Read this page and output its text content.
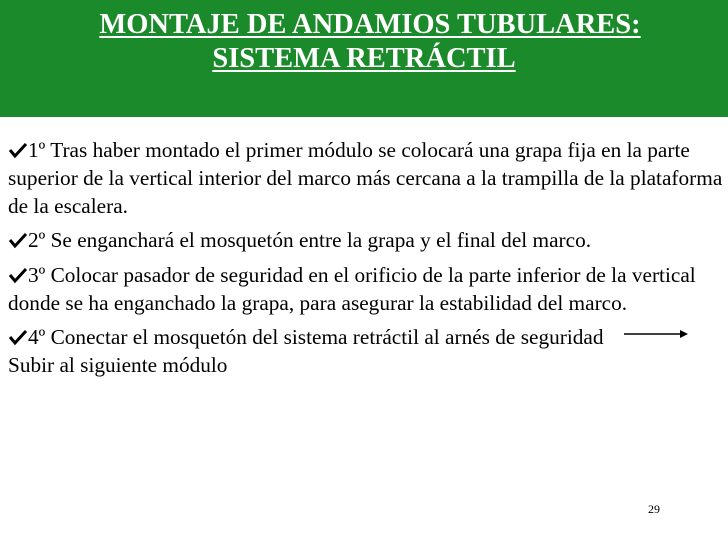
MONTAJE DE ANDAMIOS TUBULARES:
SISTEMA RETRÁCTIL
1º Tras haber montado el primer módulo se colocará una grapa fija en la parte superior de la vertical interior del marco más cercana a la trampilla de la plataforma de la escalera.
2º Se enganchará el mosquetón entre la grapa y el final del marco.
3º Colocar pasador de seguridad en el orificio de la parte inferior de la vertical donde se ha enganchado la grapa, para asegurar la estabilidad del marco.
4º Conectar el mosquetón del sistema retráctil al arnés de seguridadSubir al siguiente módulo
29
